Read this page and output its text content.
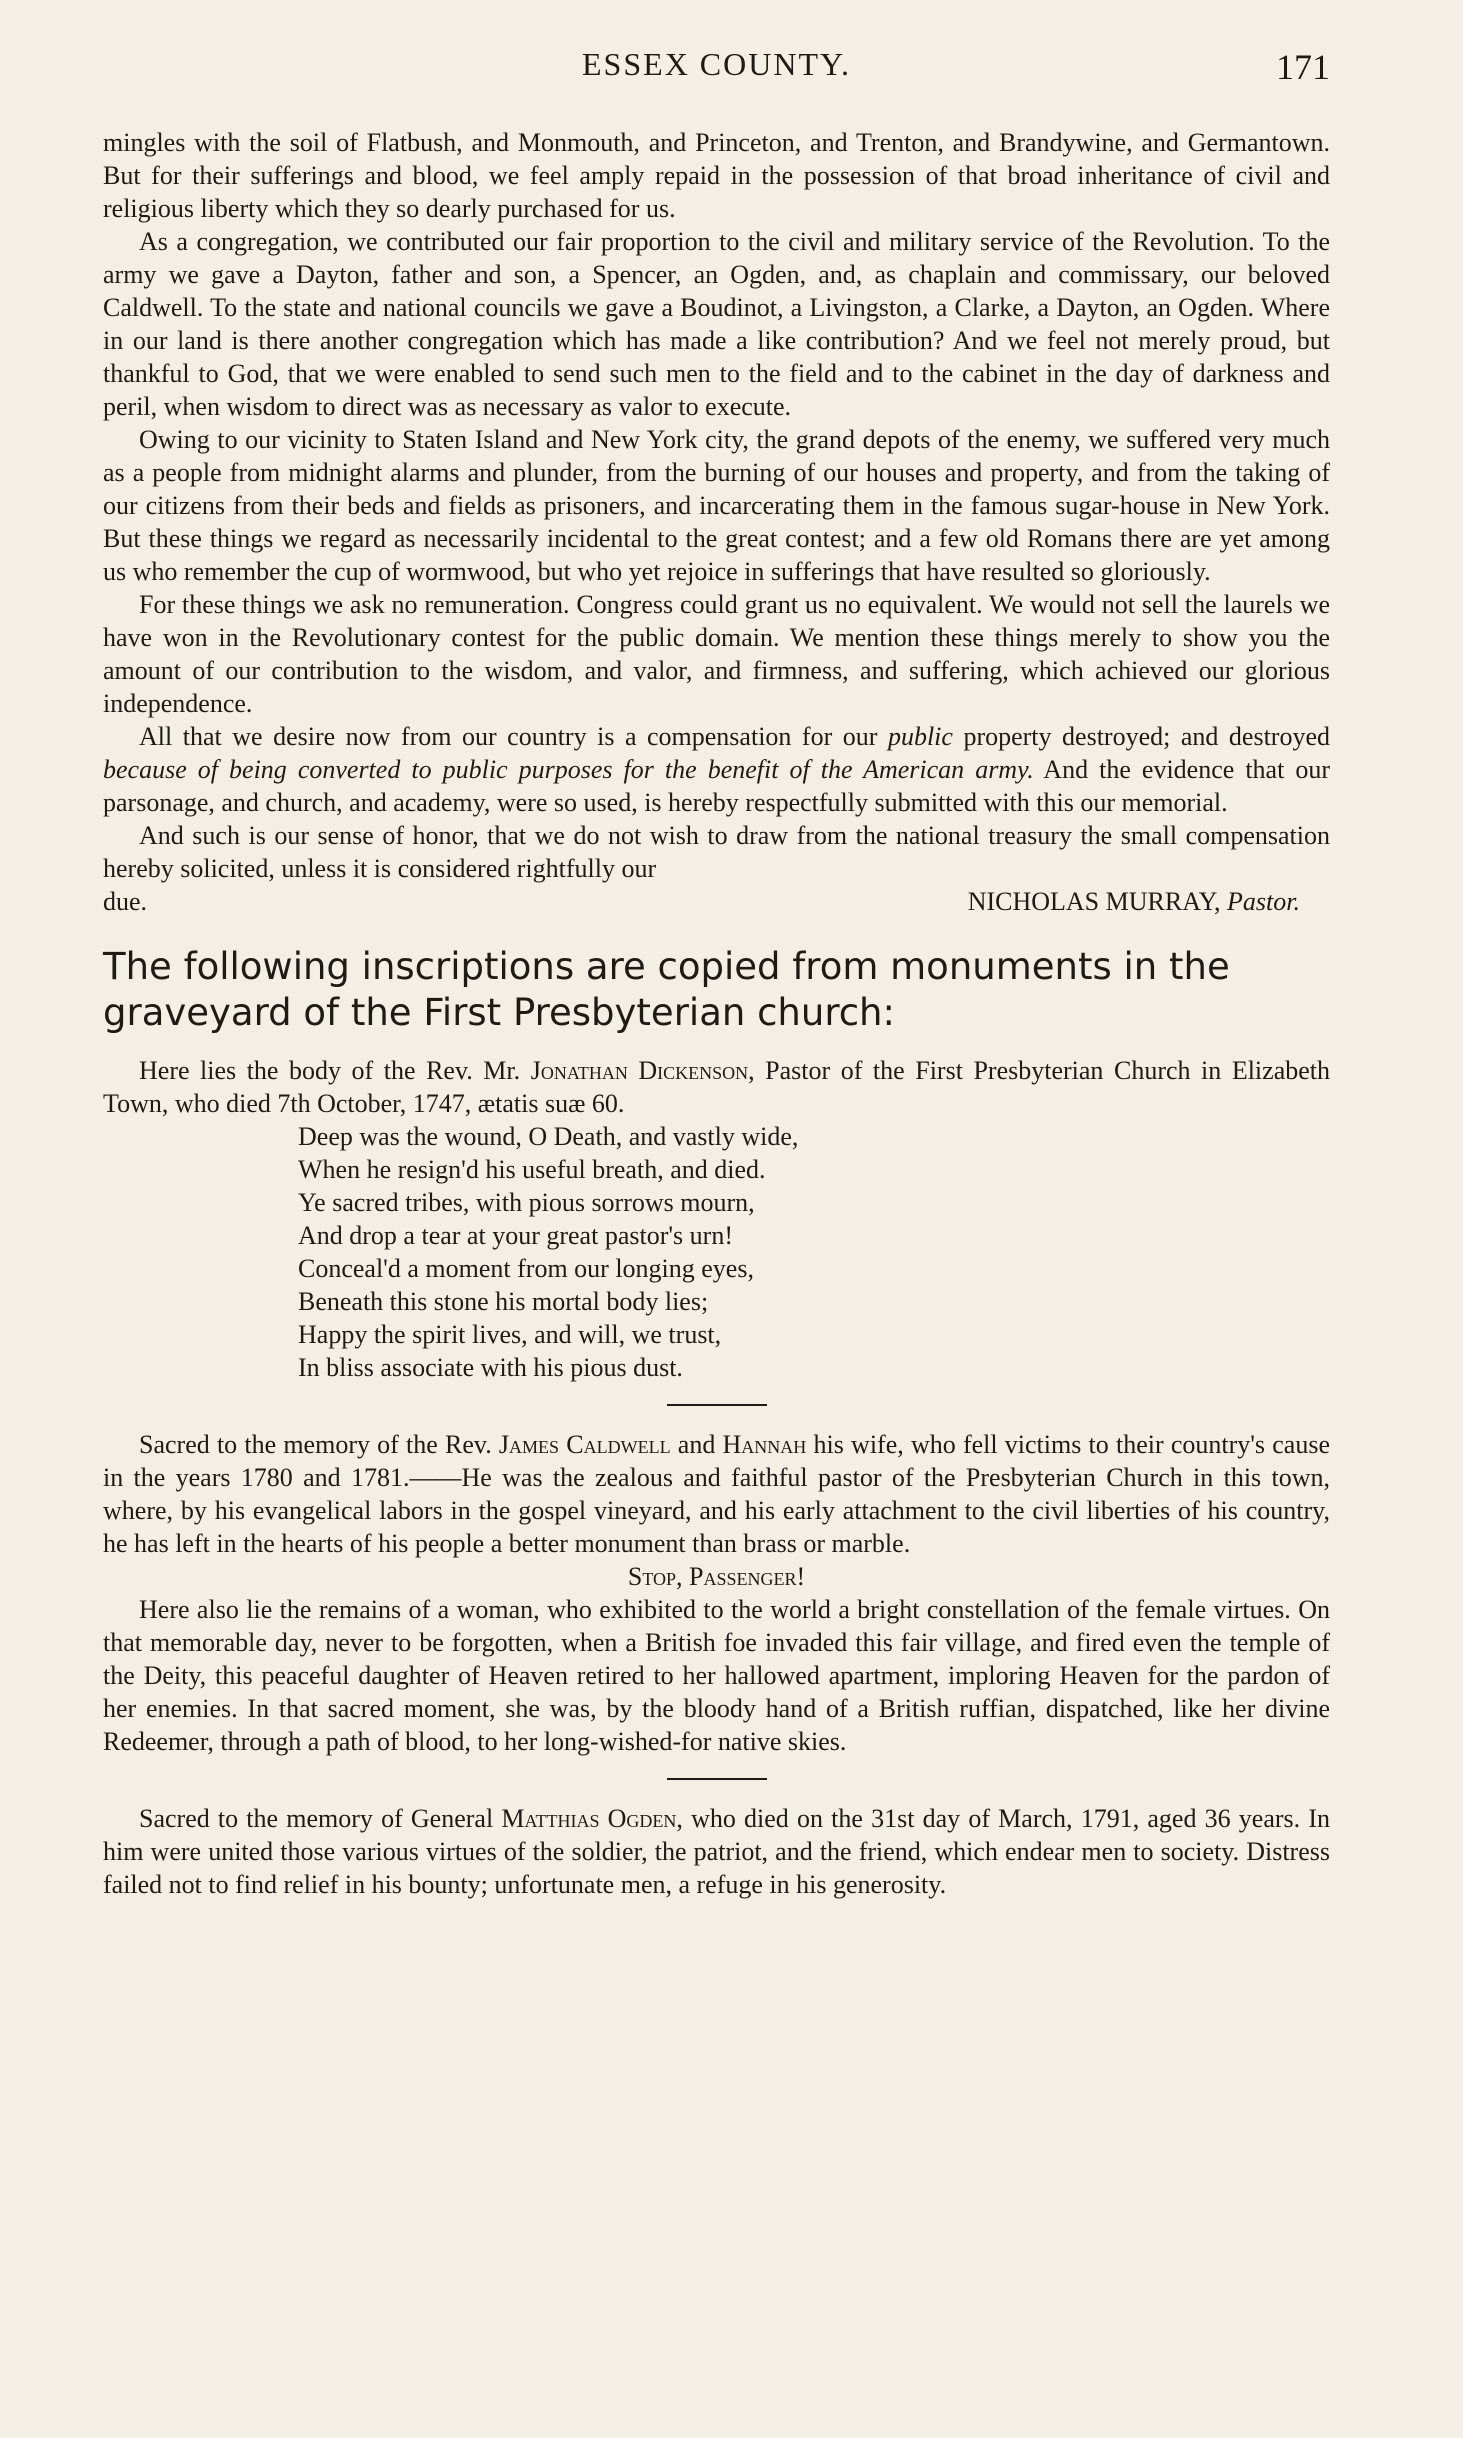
ESSEX COUNTY.	171

mingles with the soil of Flatbush, and Monmouth, and Princeton, and Trenton, and Brandywine, and Germantown. But for their sufferings and blood, we feel amply repaid in the possession of that broad inheritance of civil and religious liberty which they so dearly purchased for us.

As a congregation, we contributed our fair proportion to the civil and military service of the Revolution. To the army we gave a Dayton, father and son, a Spencer, an Ogden, and, as chaplain and commissary, our beloved Caldwell. To the state and national councils we gave a Boudinot, a Livingston, a Clarke, a Dayton, an Ogden. Where in our land is there another congregation which has made a like contribution? And we feel not merely proud, but thankful to God, that we were enabled to send such men to the field and to the cabinet in the day of darkness and peril, when wisdom to direct was as necessary as valor to execute.

Owing to our vicinity to Staten Island and New York city, the grand depots of the enemy, we suffered very much as a people from midnight alarms and plunder, from the burning of our houses and property, and from the taking of our citizens from their beds and fields as prisoners, and incarcerating them in the famous sugar-house in New York. But these things we regard as necessarily incidental to the great contest; and a few old Romans there are yet among us who remember the cup of wormwood, but who yet rejoice in sufferings that have resulted so gloriously.

For these things we ask no remuneration. Congress could grant us no equivalent. We would not sell the laurels we have won in the Revolutionary contest for the public domain. We mention these things merely to show you the amount of our contribution to the wisdom, and valor, and firmness, and suffering, which achieved our glorious independence.

All that we desire now from our country is a compensation for our public property destroyed; and destroyed because of being converted to public purposes for the benefit of the American army. And the evidence that our parsonage, and church, and academy, were so used, is hereby respectfully submitted with this our memorial.

And such is our sense of honor, that we do not wish to draw from the national treasury the small compensation hereby solicited, unless it is considered rightfully our

due.	NICHOLAS MURRAY, Pastor.
The following inscriptions are copied from monuments in the graveyard of the First Presbyterian church:

Here lies the body of the Rev. Mr. Jonathan Dickenson, Pastor of the First Presbyterian Church in Elizabeth Town, who died 7th October, 1747, ætatis suæ 60.

Deep was the wound, O Death, and vastly wide,
When he resign'd his useful breath, and died.
Ye sacred tribes, with pious sorrows mourn,
And drop a tear at your great pastor's urn!
Conceal'd a moment from our longing eyes,
Beneath this stone his mortal body lies;
Happy the spirit lives, and will, we trust,
In bliss associate with his pious dust.

Sacred to the memory of the Rev. James Caldwell and Hannah his wife, who fell victims to their country's cause in the years 1780 and 1781.——He was the zealous and faithful pastor of the Presbyterian Church in this town, where, by his evangelical labors in the gospel vineyard, and his early attachment to the civil liberties of his country, he has left in the hearts of his people a better monument than brass or marble.

Stop, Passenger!

Here also lie the remains of a woman, who exhibited to the world a bright constellation of the female virtues. On that memorable day, never to be forgotten, when a British foe invaded this fair village, and fired even the temple of the Deity, this peaceful daughter of Heaven retired to her hallowed apartment, imploring Heaven for the pardon of her enemies. In that sacred moment, she was, by the bloody hand of a British ruffian, dispatched, like her divine Redeemer, through a path of blood, to her long-wished-for native skies.

Sacred to the memory of General Matthias Ogden, who died on the 31st day of March, 1791, aged 36 years. In him were united those various virtues of the soldier, the patriot, and the friend, which endear men to society. Distress failed not to find relief in his bounty; unfortunate men, a refuge in his generosity.
